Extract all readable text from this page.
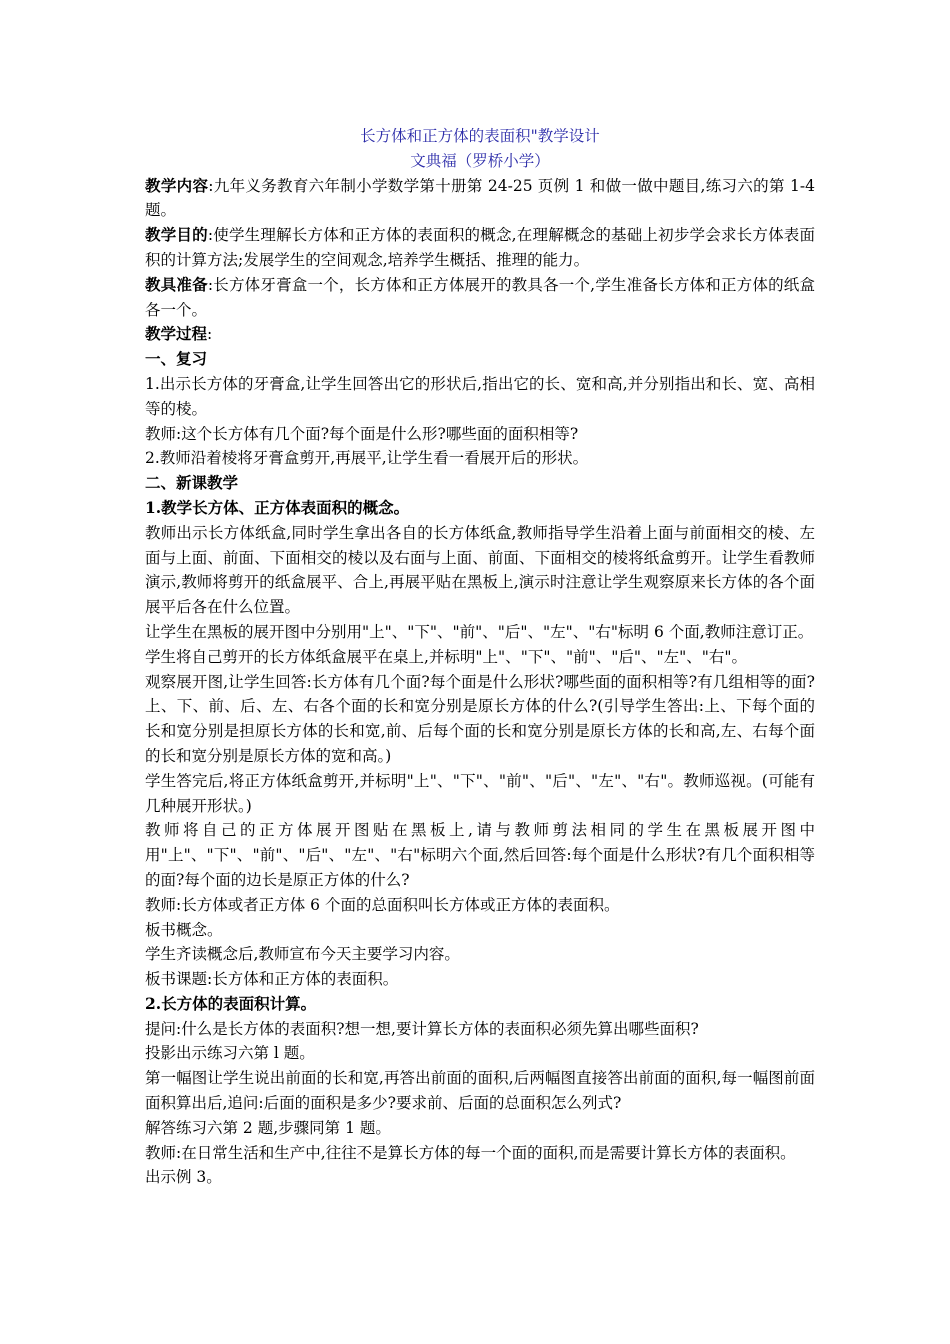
长方体和正方体的表面积"教学设计

文典福（罗桥小学）

教学内容:九年义务教育六年制小学数学第十册第 24-25 页例 1 和做一做中题目,练习六的第 1-4 题。

教学目的:使学生理解长方体和正方体的表面积的概念,在理解概念的基础上初步学会求长方体表面积的计算方法;发展学生的空间观念,培养学生概括、推理的能力。

教具准备:长方体牙膏盒一个，长方体和正方体展开的教具各一个,学生准备长方体和正方体的纸盒各一个。

教学过程:

一、复习

1.出示长方体的牙膏盒,让学生回答出它的形状后,指出它的长、宽和高,并分别指出和长、宽、高相等的棱。

教师:这个长方体有几个面?每个面是什么形?哪些面的面积相等?

2.教师沿着棱将牙膏盒剪开,再展平,让学生看一看展开后的形状。

二、新课教学

1.教学长方体、正方体表面积的概念。

教师出示长方体纸盒,同时学生拿出各自的长方体纸盒,教师指导学生沿着上面与前面相交的棱、左面与上面、前面、下面相交的棱以及右面与上面、前面、下面相交的棱将纸盒剪开。让学生看教师演示,教师将剪开的纸盒展平、合上,再展平贴在黑板上,演示时注意让学生观察原来长方体的各个面展平后各在什么位置。

让学生在黑板的展开图中分别用"上"、"下"、"前"、"后"、"左"、"右"标明 6 个面,教师注意订正。

学生将自己剪开的长方体纸盒展平在桌上,并标明"上"、"下"、"前"、"后"、"左"、"右"。

观察展开图,让学生回答:长方体有几个面?每个面是什么形状?哪些面的面积相等?有几组相等的面?上、下、前、后、左、右各个面的长和宽分别是原长方体的什么?(引导学生答出:上、下每个面的长和宽分别是担原长方体的长和宽,前、后每个面的长和宽分别是原长方体的长和高,左、右每个面的长和宽分别是原长方体的宽和高。)

学生答完后,将正方体纸盒剪开,并标明"上"、"下"、"前"、"后"、"左"、"右"。教师巡视。(可能有几种展开形状。)

教师将自己的正方体展开图贴在黑板上,请与教师剪法相同的学生在黑板展开图中用"上"、"下"、"前"、"后"、"左"、"右"标明六个面,然后回答:每个面是什么形状?有几个面积相等的面?每个面的边长是原正方体的什么?

教师:长方体或者正方体 6 个面的总面积叫长方体或正方体的表面积。

板书概念。

学生齐读概念后,教师宣布今天主要学习内容。

板书课题:长方体和正方体的表面积。

2.长方体的表面积计算。

提问:什么是长方体的表面积?想一想,要计算长方体的表面积必须先算出哪些面积?

投影出示练习六第 l 题。

第一幅图让学生说出前面的长和宽,再答出前面的面积,后两幅图直接答出前面的面积,每一幅图前面面积算出后,追问:后面的面积是多少?要求前、后面的总面积怎么列式?

解答练习六第 2 题,步骤同第 1 题。

教师:在日常生活和生产中,往往不是算长方体的每一个面的面积,而是需要计算长方体的表面积。

出示例 3。
